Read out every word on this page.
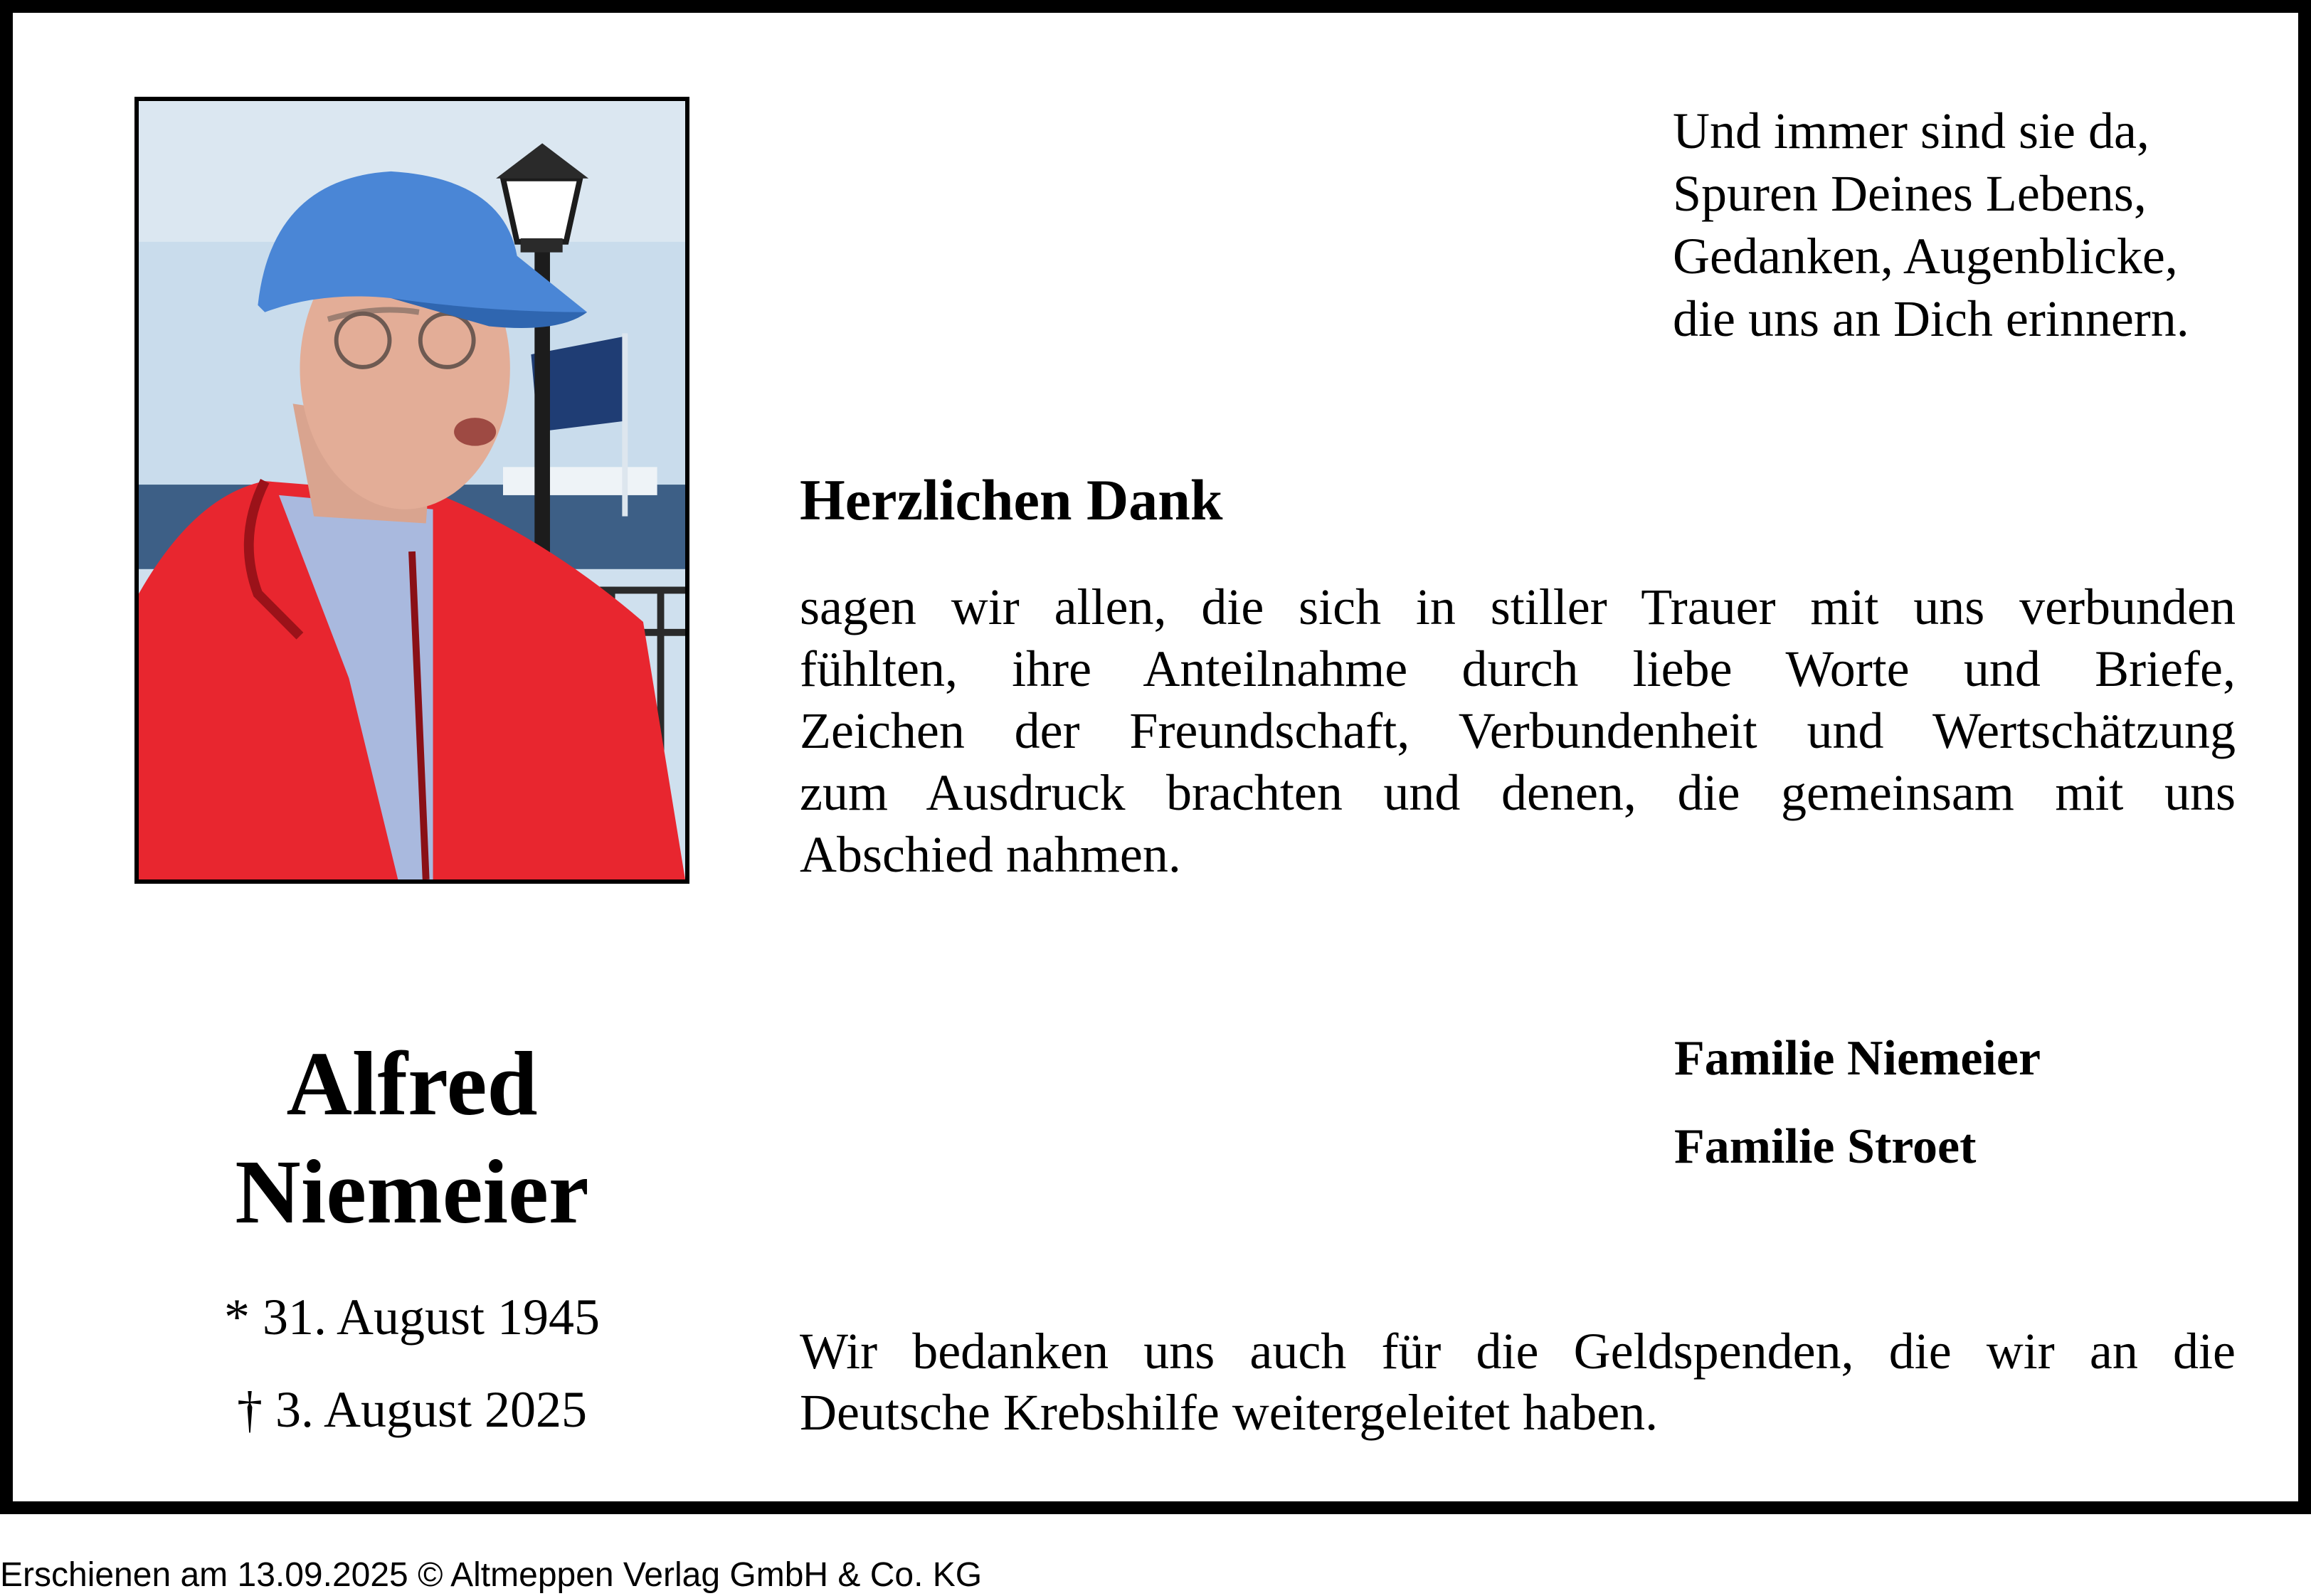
Und immer sind sie da,
Spuren Deines Lebens,
Gedanken, Augenblicke,
die uns an Dich erinnern.
Herzlichen Dank
sagen wir allen, die sich in stiller Trauer mit uns verbunden
fühlten, ihre Anteilnahme durch liebe Worte und Briefe,
Zeichen der Freundschaft, Verbundenheit und Wertschätzung
zum Ausdruck brachten und denen, die gemeinsam mit uns
Abschied nahmen.
Familie Niemeier
Familie Stroet
Alfred
Niemeier
* 31. August 1945
† 3. August 2025
Wir bedanken uns auch für die Geldspenden, die wir an die
Deutsche Krebshilfe weitergeleitet haben.
Erschienen am 13.09.2025 © Altmeppen Verlag GmbH & Co. KG
